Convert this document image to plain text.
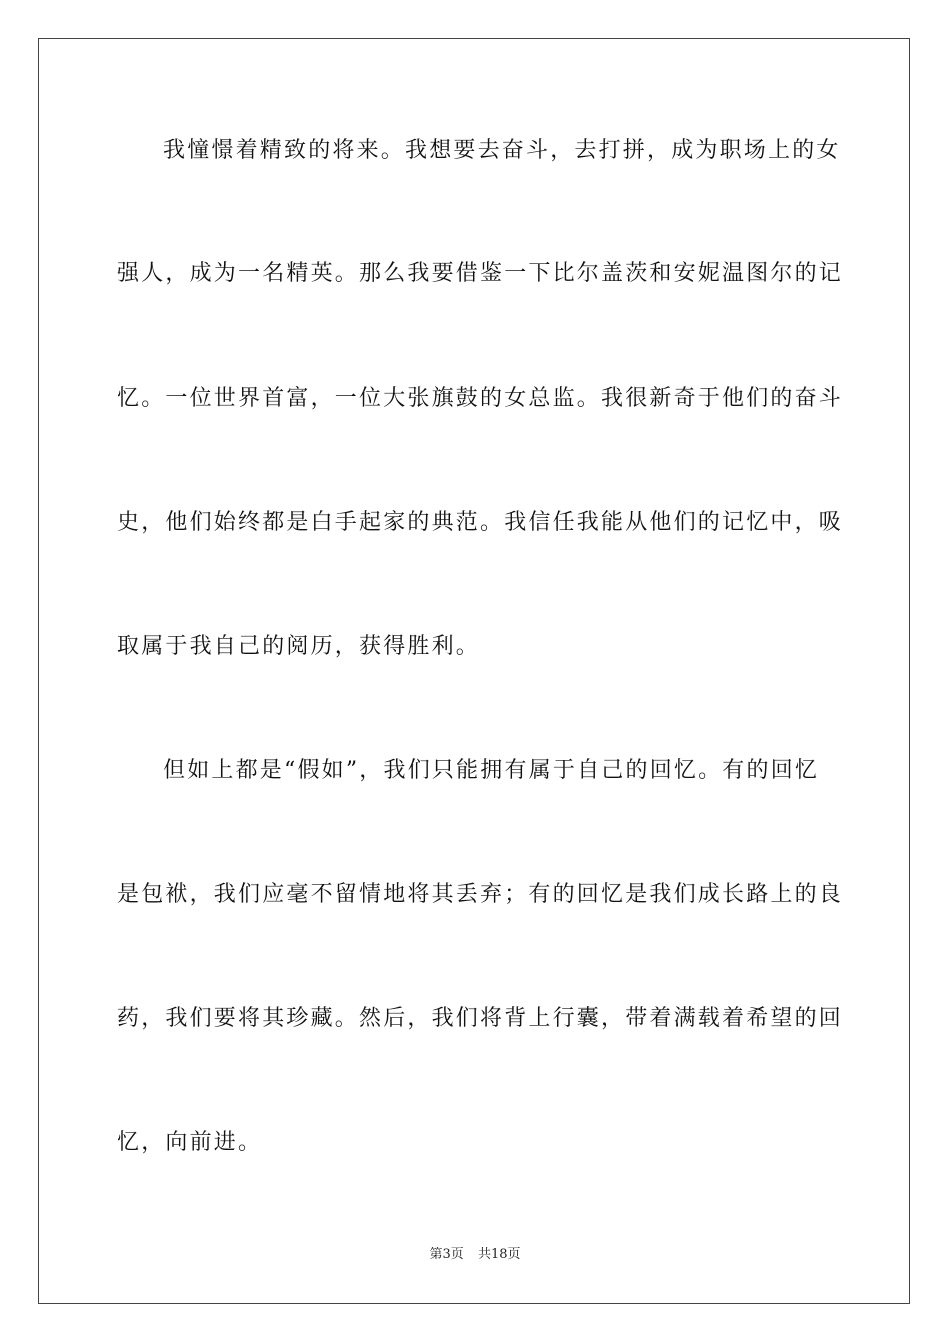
我憧憬着精致的将来。我想要去奋斗，去打拼，成为职场上的女
强人，成为一名精英。那么我要借鉴一下比尔盖茨和安妮温图尔的记
忆。一位世界首富，一位大张旗鼓的女总监。我很新奇于他们的奋斗
史，他们始终都是白手起家的典范。我信任我能从他们的记忆中，吸
取属于我自己的阅历，获得胜利。
但如上都是“假如”，我们只能拥有属于自己的回忆。有的回忆
是包袱，我们应毫不留情地将其丢弃；有的回忆是我们成长路上的良
药，我们要将其珍藏。然后，我们将背上行囊，带着满载着希望的回
忆，向前进。
第3页 共18页
